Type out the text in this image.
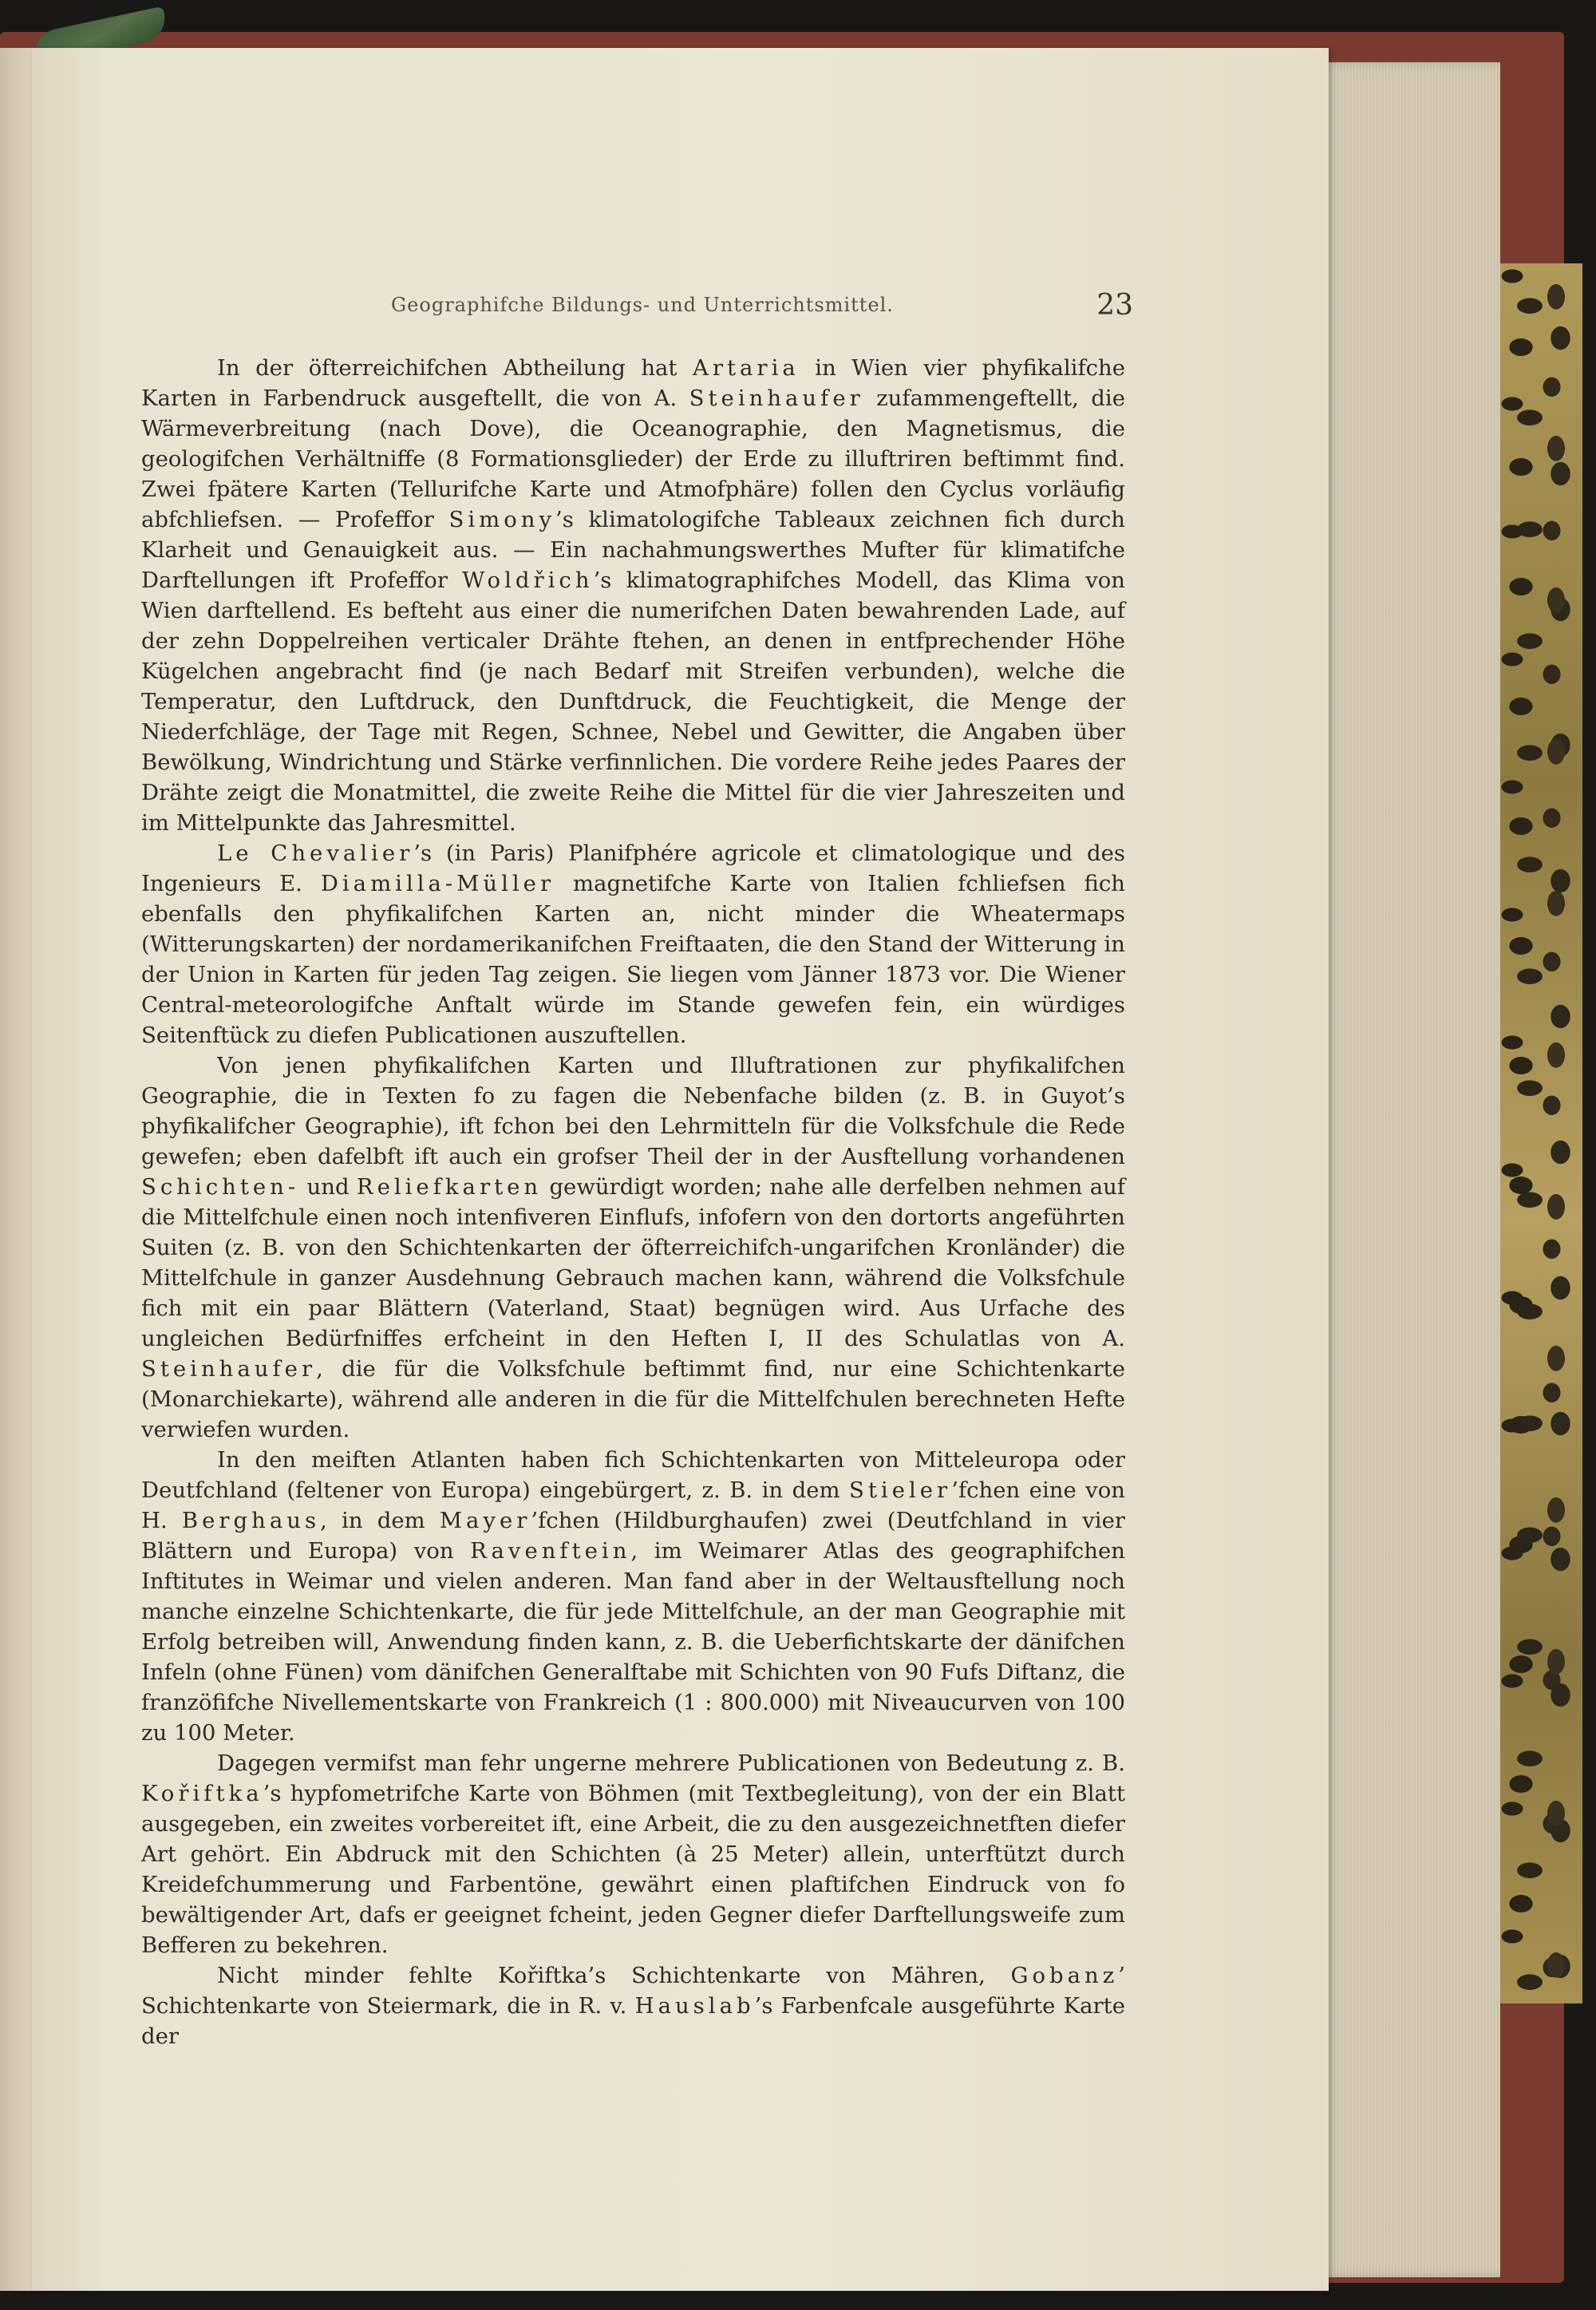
Geographifche Bildungs- und Unterrichtsmittel.	23

In der öfterreichifchen Abtheilung hat Artaria in Wien vier phyfikalifche Karten in Farbendruck ausgeftellt, die von A. Steinhaufer zufammengeftellt, die Wärmeverbreitung (nach Dove), die Oceanographie, den Magnetismus, die geologifchen Verhältniffe (8 Formationsglieder) der Erde zu illuftriren beftimmt find. Zwei fpätere Karten (Tellurifche Karte und Atmofphäre) follen den Cyclus vorläufig abfchliefsen. — Profeffor Simony’s klimatologifche Tableaux zeichnen fich durch Klarheit und Genauigkeit aus. — Ein nachahmungswerthes Mufter für klimatifche Darftellungen ift Profeffor Woldřich’s klimatographifches Modell, das Klima von Wien darftellend. Es befteht aus einer die numerifchen Daten bewahrenden Lade, auf der zehn Doppelreihen verticaler Drähte ftehen, an denen in entfprechender Höhe Kügelchen angebracht find (je nach Bedarf mit Streifen verbunden), welche die Temperatur, den Luftdruck, den Dunftdruck, die Feuchtigkeit, die Menge der Niederfchläge, der Tage mit Regen, Schnee, Nebel und Gewitter, die Angaben über Bewölkung, Windrichtung und Stärke verfinnlichen. Die vordere Reihe jedes Paares der Drähte zeigt die Monatmittel, die zweite Reihe die Mittel für die vier Jahreszeiten und im Mittelpunkte das Jahresmittel.

Le Chevalier’s (in Paris) Planifphére agricole et climatologique und des Ingenieurs E. Diamilla-Müller magnetifche Karte von Italien fchliefsen fich ebenfalls den phyfikalifchen Karten an, nicht minder die Wheatermaps (Witterungskarten) der nordamerikanifchen Freiftaaten, die den Stand der Witterung in der Union in Karten für jeden Tag zeigen. Sie liegen vom Jänner 1873 vor. Die Wiener Central-meteorologifche Anftalt würde im Stande gewefen fein, ein würdiges Seitenftück zu diefen Publicationen auszuftellen.

Von jenen phyfikalifchen Karten und Illuftrationen zur phyfikalifchen Geographie, die in Texten fo zu fagen die Nebenfache bilden (z. B. in Guyot’s phyfikalifcher Geographie), ift fchon bei den Lehrmitteln für die Volksfchule die Rede gewefen; eben dafelbft ift auch ein grofser Theil der in der Ausftellung vorhandenen Schichten- und Reliefkarten gewürdigt worden; nahe alle derfelben nehmen auf die Mittelfchule einen noch intenfiveren Einflufs, infofern von den dortorts angeführten Suiten (z. B. von den Schichtenkarten der öfterreichifch-ungarifchen Kronländer) die Mittelfchule in ganzer Ausdehnung Gebrauch machen kann, während die Volksfchule fich mit ein paar Blättern (Vaterland, Staat) begnügen wird. Aus Urfache des ungleichen Bedürfniffes erfcheint in den Heften I, II des Schulatlas von A. Steinhaufer, die für die Volksfchule beftimmt find, nur eine Schichtenkarte (Monarchiekarte), während alle anderen in die für die Mittelfchulen berechneten Hefte verwiefen wurden.

In den meiften Atlanten haben fich Schichtenkarten von Mitteleuropa oder Deutfchland (feltener von Europa) eingebürgert, z. B. in dem Stieler’fchen eine von H. Berghaus, in dem Mayer’fchen (Hildburghaufen) zwei (Deutfchland in vier Blättern und Europa) von Ravenftein, im Weimarer Atlas des geographifchen Inftitutes in Weimar und vielen anderen. Man fand aber in der Weltausftellung noch manche einzelne Schichtenkarte, die für jede Mittelfchule, an der man Geographie mit Erfolg betreiben will, Anwendung finden kann, z. B. die Ueberfichtskarte der dänifchen Infeln (ohne Fünen) vom dänifchen Generalftabe mit Schichten von 90 Fufs Diftanz, die franzöfifche Nivellementskarte von Frankreich (1 : 800.000) mit Niveaucurven von 100 zu 100 Meter.

Dagegen vermifst man fehr ungerne mehrere Publicationen von Bedeutung z. B. Kořiftka’s hypfometrifche Karte von Böhmen (mit Textbegleitung), von der ein Blatt ausgegeben, ein zweites vorbereitet ift, eine Arbeit, die zu den ausgezeichnetften diefer Art gehört. Ein Abdruck mit den Schichten (à 25 Meter) allein, unterftützt durch Kreidefchummerung und Farbentöne, gewährt einen plaftifchen Eindruck von fo bewältigender Art, dafs er geeignet fcheint, jeden Gegner diefer Darftellungsweife zum Befferen zu bekehren.

Nicht minder fehlte Kořiftka’s Schichtenkarte von Mähren, Gobanz’ Schichtenkarte von Steiermark, die in R. v. Hauslab’s Farbenfcale ausgeführte Karte der
